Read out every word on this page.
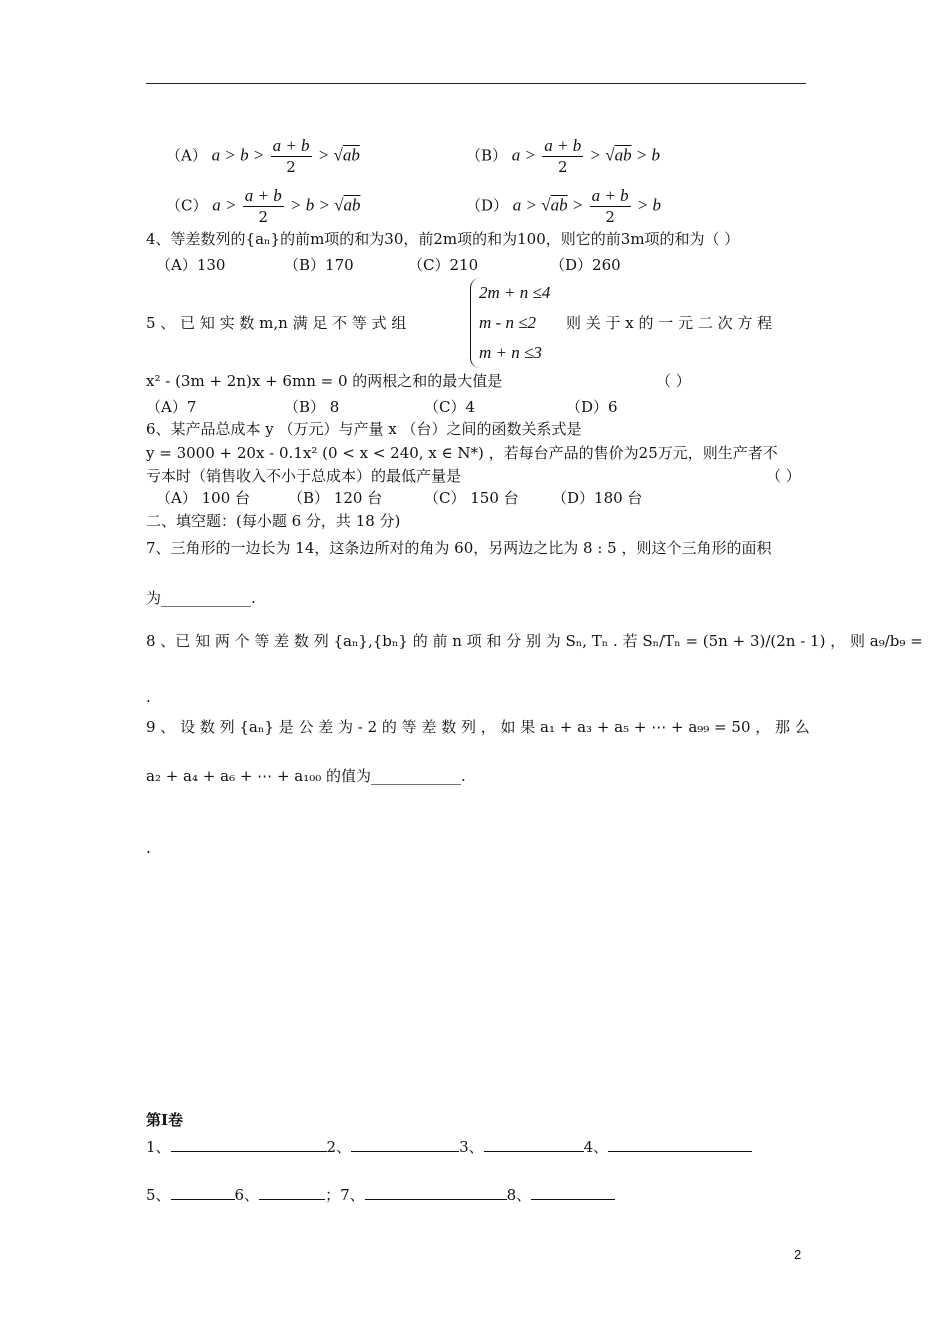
（A） $a > b > \frac{a + b}{2} > √ab$	（B） $a > \frac{a + b}{2} > √ab > b$
（C） $a > \frac{a + b}{2} > b > √ab$	（D） $a > √ab > \frac{a + b}{2} > b$
4、等差数列的{aₙ}的前m项的和为30，前2m项的和为100，则它的前3m项的和为（ ）
（A）130	（B）170	（C）210	（D）260
5 、 已 知 实 数 m,n 满 足 不 等 式 组
2m + n ≤4
m - n ≤2
m + n ≤3
则 关 于 x 的 一 元 二 次 方 程
x² - (3m + 2n)x + 6mn = 0 的两根之和的最大值是	（ ）
（A）7	（B） 8	（C）4	（D）6
6、某产品总成本 y （万元）与产量 x （台）之间的函数关系式是
y = 3000 + 20x - 0.1x² (0 < x < 240, x ∈ N*) ，若每台产品的售价为25万元，则生产者不
亏本时（销售收入不小于总成本）的最低产量是	（ ）
（A） 100 台	（B） 120 台	（C） 150 台 （D）180 台
二、填空题：(每小题 6 分，共 18 分)
7、三角形的一边长为 14，这条边所对的角为 60，另两边之比为 8 : 5 ，则这个三角形的面积
为____________.
8 、已 知 两 个 等 差 数 列 {aₙ},{bₙ} 的 前 n 项 和 分 别 为 Sₙ, Tₙ . 若 Sₙ/Tₙ = (5n + 3)/(2n - 1) ， 则 a₉/b₉ =
.
9 、 设 数 列 {aₙ} 是 公 差 为 - 2 的 等 差 数 列 ， 如 果 a₁ + a₃ + a₅ + ⋯ + a₉₉ = 50 ， 那 么
a₂ + a₄ + a₆ + ⋯ + a₁₀₀ 的值为____________.
.
第Ⅰ卷
1、	2、	3、	4、
5、	6、	；7、	8、
2
